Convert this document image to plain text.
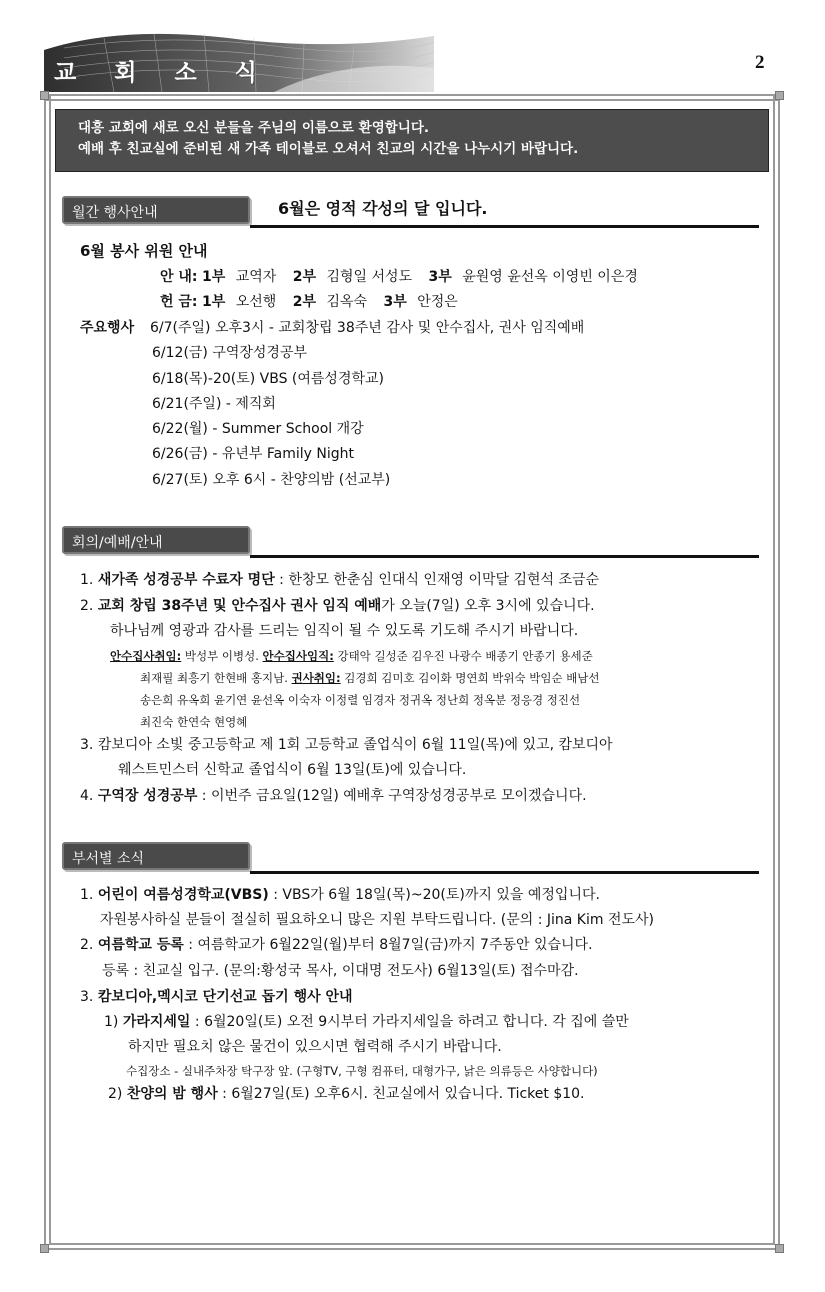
교 회 소 식	2
대흥 교회에 새로 오신 분들을 주님의 이름으로 환영합니다.
예배 후 친교실에 준비된 새 가족 테이블로 오셔서 친교의 시간을 나누시기 바랍니다.
월간 행사안내	6월은 영적 각성의 달 입니다.
6월 봉사 위원 안내
안 내: 1부 교역자 2부 김형일 서성도 3부 윤원영 윤선옥 이영빈 이은경
헌 금: 1부 오선행 2부 김옥숙 3부 안정은
주요행사 6/7(주일) 오후3시 - 교회창립 38주년 감사 및 안수집사, 권사 임직예배
6/12(금) 구역장성경공부
6/18(목)-20(토) VBS (여름성경학교)
6/21(주일) - 제직회
6/22(월) - Summer School 개강
6/26(금) - 유년부 Family Night
6/27(토) 오후 6시 - 찬양의밤 (선교부)
회의/예배/안내
1. 새가족 성경공부 수료자 명단 : 한창모 한춘심 인대식 인재영 이막달 김현석 조금순
2. 교회 창립 38주년 및 안수집사 권사 임직 예배가 오늘(7일) 오후 3시에 있습니다.
하나님께 영광과 감사를 드리는 임직이 될 수 있도록 기도해 주시기 바랍니다.
안수집사취임: 박성부 이병성. 안수집사임직: 강태악 길성준 김우진 나광수 배종기 안종기 용세준
최재필 최흥기 한현배 홍지남. 권사취임: 김경희 김미호 김이화 명연희 박위숙 박임순 배남선
송은희 유옥희 윤기연 윤선옥 이숙자 이정렬 임경자 정귀옥 정난희 정옥분 정응경 정진선
최진숙 한연숙 현영혜
3. 캄보디아 소빛 중고등학교 제 1회 고등학교 졸업식이 6월 11일(목)에 있고, 캄보디아
웨스트민스터 신학교 졸업식이 6월 13일(토)에 있습니다.
4. 구역장 성경공부 : 이번주 금요일(12일) 예배후 구역장성경공부로 모이겠습니다.
부서별 소식
1. 어린이 여름성경학교(VBS) : VBS가 6월 18일(목)~20(토)까지 있을 예정입니다.
자원봉사하실 분들이 절실히 필요하오니 많은 지원 부탁드립니다. (문의 : Jina Kim 전도사)
2. 여름학교 등록 : 여름학교가 6월22일(월)부터 8월7일(금)까지 7주동안 있습니다.
등록 : 친교실 입구. (문의:황성국 목사, 이대명 전도사) 6월13일(토) 접수마감.
3. 캄보디아,멕시코 단기선교 돕기 행사 안내
1) 가라지세일 : 6월20일(토) 오전 9시부터 가라지세일을 하려고 합니다. 각 집에 쓸만
하지만 필요치 않은 물건이 있으시면 협력해 주시기 바랍니다.
수집장소 - 실내주차장 탁구장 앞. (구형TV, 구형 컴퓨터, 대형가구, 낡은 의류등은 사양합니다)
2) 찬양의 밤 행사 : 6월27일(토) 오후6시. 친교실에서 있습니다. Ticket $10.
